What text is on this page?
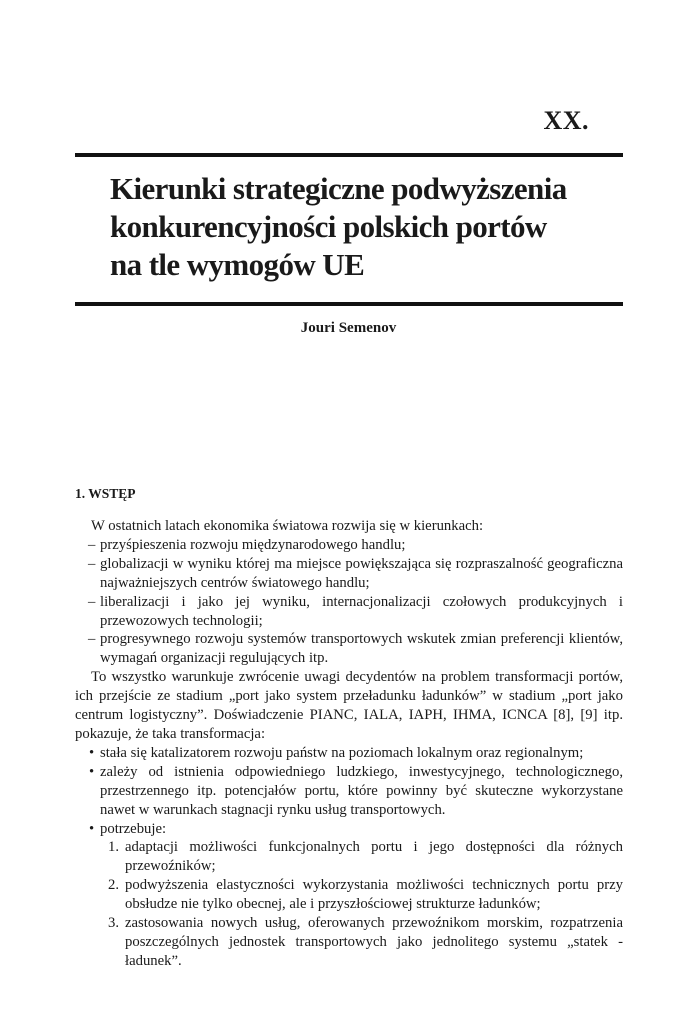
XX.
Kierunki strategiczne podwyższenia
konkurencyjności polskich portów
na tle wymogów UE
Jouri Semenov
1. WSTĘP

W ostatnich latach ekonomika światowa rozwija się w kierunkach:

– przyśpieszenia rozwoju międzynarodowego handlu;
– globalizacji w wyniku której ma miejsce powiększająca się rozpraszalność geograficzna najważniejszych centrów światowego handlu;
– liberalizacji i jako jej wyniku, internacjonalizacji czołowych produkcyjnych i przewozowych technologii;
– progresywnego rozwoju systemów transportowych wskutek zmian preferencji klientów, wymagań organizacji regulujących itp.

To wszystko warunkuje zwrócenie uwagi decydentów na problem transformacji portów, ich przejście ze stadium „port jako system przeładunku ładunków” w stadium „port jako centrum logistyczny”. Doświadczenie PIANC, IALA, IAPH, IHMA, ICNCA [8], [9] itp. pokazuje, że taka transformacja:

• stała się katalizatorem rozwoju państw na poziomach lokalnym oraz regionalnym;
• zależy od istnienia odpowiedniego ludzkiego, inwestycyjnego, technologicznego, przestrzennego itp. potencjałów portu, które powinny być skuteczne wykorzystane nawet w warunkach stagnacji rynku usług transportowych.
• potrzebuje:
1. adaptacji możliwości funkcjonalnych portu i jego dostępności dla różnych przewoźników;
2. podwyższenia elastyczności wykorzystania możliwości technicznych portu przy obsłudze nie tylko obecnej, ale i przyszłościowej strukturze ładunków;
3. zastosowania nowych usług, oferowanych przewoźnikom morskim, rozpatrzenia poszczególnych jednostek transportowych jako jednolitego systemu „statek - ładunek”.
